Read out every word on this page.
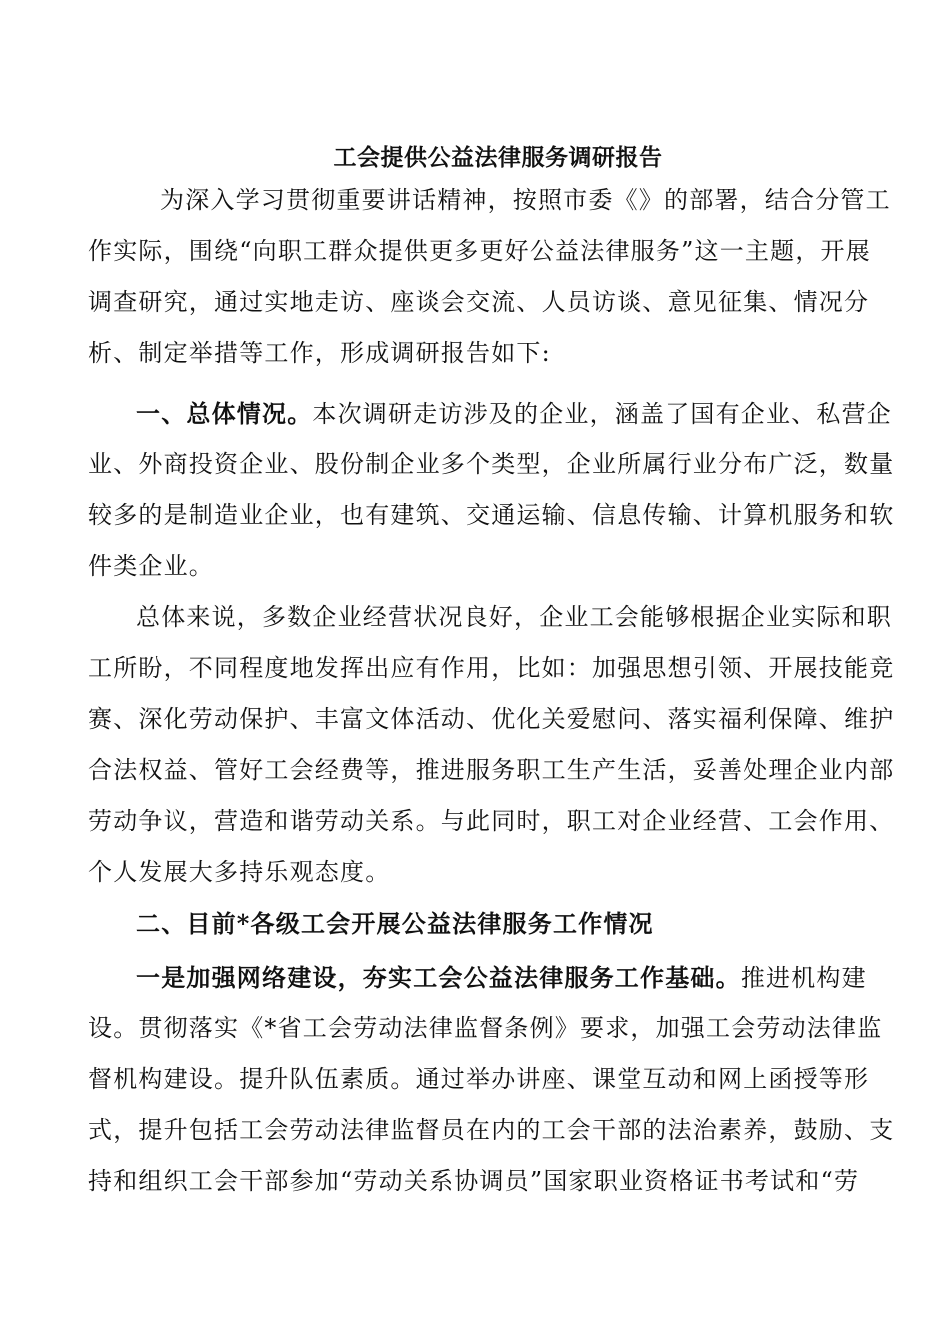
工会提供公益法律服务调研报告
为深入学习贯彻重要讲话精神，按照市委《》的部署，结合分管工
作实际，围绕“向职工群众提供更多更好公益法律服务”这一主题，开展
调查研究，通过实地走访、座谈会交流、人员访谈、意见征集、情况分
析、制定举措等工作，形成调研报告如下:
一、总体情况。本次调研走访涉及的企业，涵盖了国有企业、私营企
业、外商投资企业、股份制企业多个类型，企业所属行业分布广泛，数量
较多的是制造业企业，也有建筑、交通运输、信息传输、计算机服务和软
件类企业。
总体来说，多数企业经营状况良好，企业工会能够根据企业实际和职
工所盼，不同程度地发挥出应有作用，比如：加强思想引领、开展技能竞
赛、深化劳动保护、丰富文体活动、优化关爱慰问、落实福利保障、维护
合法权益、管好工会经费等，推进服务职工生产生活，妥善处理企业内部
劳动争议，营造和谐劳动关系。与此同时，职工对企业经营、工会作用、
个人发展大多持乐观态度。
二、目前*各级工会开展公益法律服务工作情况
一是加强网络建设，夯实工会公益法律服务工作基础。推进机构建
设。贯彻落实《*省工会劳动法律监督条例》要求，加强工会劳动法律监
督机构建设。提升队伍素质。通过举办讲座、课堂互动和网上函授等形
式，提升包括工会劳动法律监督员在内的工会干部的法治素养，鼓励、支
持和组织工会干部参加“劳动关系协调员”国家职业资格证书考试和“劳
